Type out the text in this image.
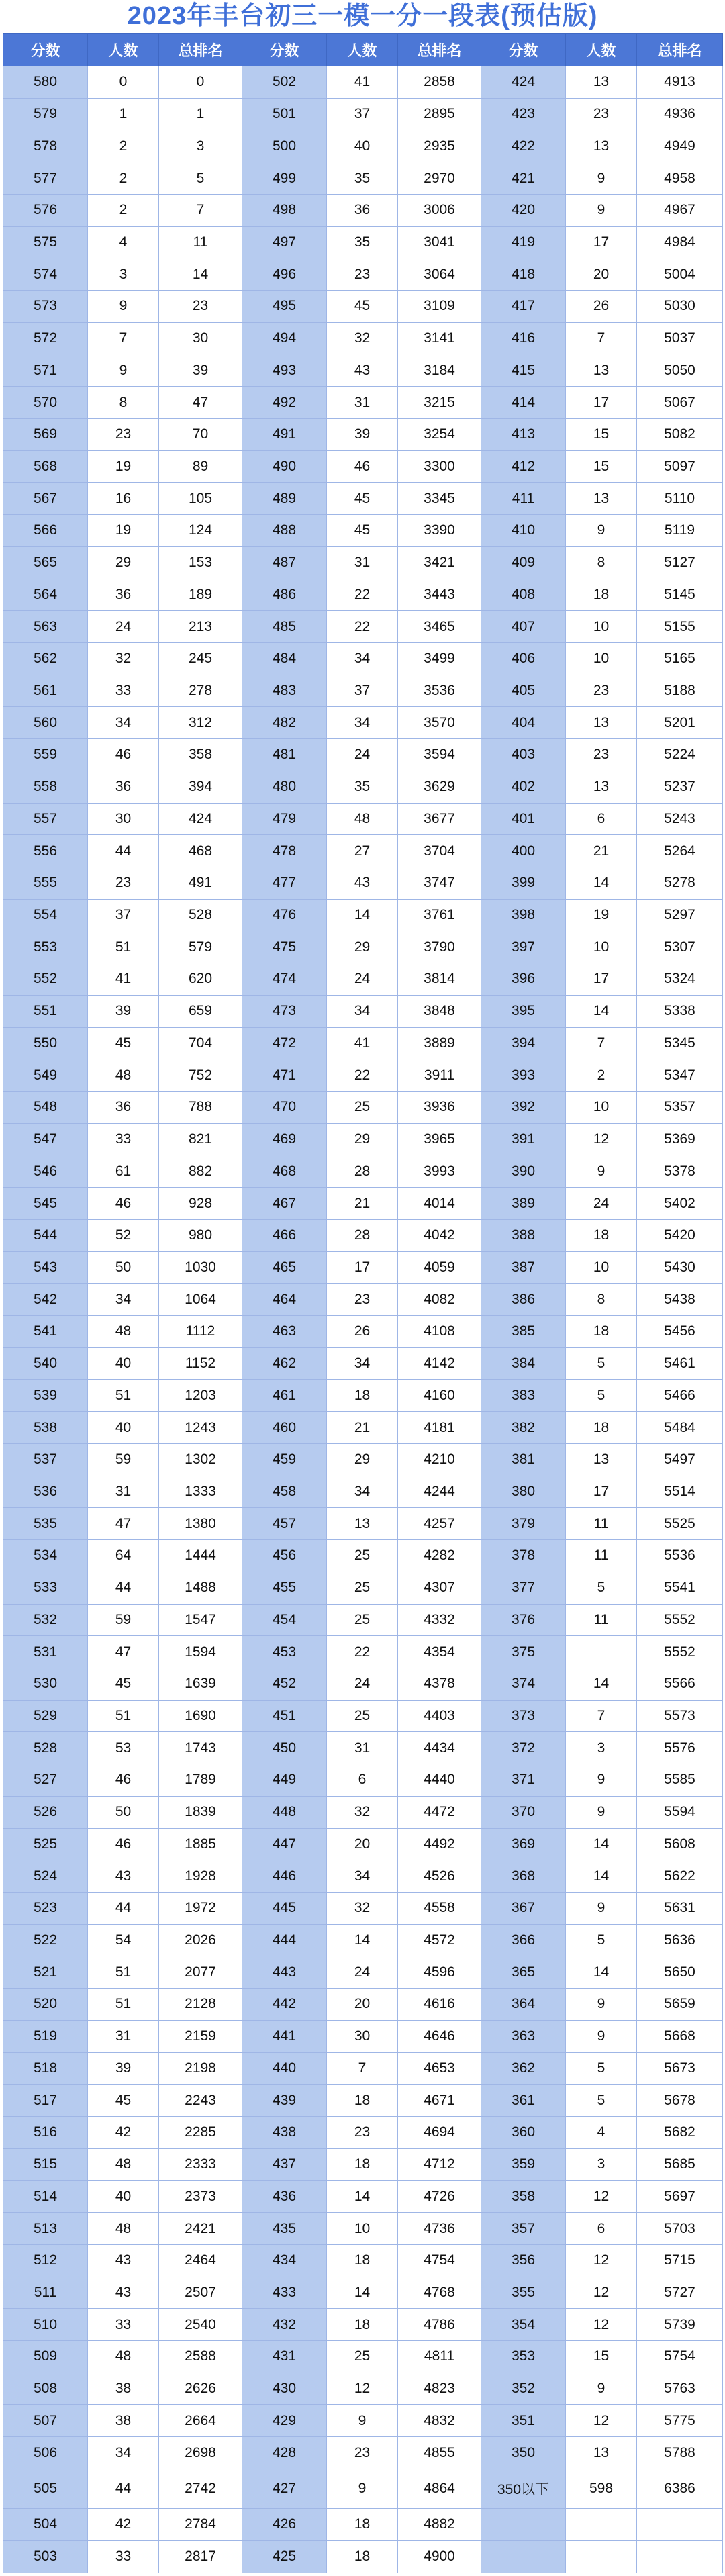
2023年丰台初三一模一分一段表(预估版)
分数	人数	总排名	分数	人数	总排名	分数	人数	总排名
580	0	0	502	41	2858	424	13	4913
579	1	1	501	37	2895	423	23	4936
578	2	3	500	40	2935	422	13	4949
577	2	5	499	35	2970	421	9	4958
576	2	7	498	36	3006	420	9	4967
575	4	11	497	35	3041	419	17	4984
574	3	14	496	23	3064	418	20	5004
573	9	23	495	45	3109	417	26	5030
572	7	30	494	32	3141	416	7	5037
571	9	39	493	43	3184	415	13	5050
570	8	47	492	31	3215	414	17	5067
569	23	70	491	39	3254	413	15	5082
568	19	89	490	46	3300	412	15	5097
567	16	105	489	45	3345	411	13	5110
566	19	124	488	45	3390	410	9	5119
565	29	153	487	31	3421	409	8	5127
564	36	189	486	22	3443	408	18	5145
563	24	213	485	22	3465	407	10	5155
562	32	245	484	34	3499	406	10	5165
561	33	278	483	37	3536	405	23	5188
560	34	312	482	34	3570	404	13	5201
559	46	358	481	24	3594	403	23	5224
558	36	394	480	35	3629	402	13	5237
557	30	424	479	48	3677	401	6	5243
556	44	468	478	27	3704	400	21	5264
555	23	491	477	43	3747	399	14	5278
554	37	528	476	14	3761	398	19	5297
553	51	579	475	29	3790	397	10	5307
552	41	620	474	24	3814	396	17	5324
551	39	659	473	34	3848	395	14	5338
550	45	704	472	41	3889	394	7	5345
549	48	752	471	22	3911	393	2	5347
548	36	788	470	25	3936	392	10	5357
547	33	821	469	29	3965	391	12	5369
546	61	882	468	28	3993	390	9	5378
545	46	928	467	21	4014	389	24	5402
544	52	980	466	28	4042	388	18	5420
543	50	1030	465	17	4059	387	10	5430
542	34	1064	464	23	4082	386	8	5438
541	48	1112	463	26	4108	385	18	5456
540	40	1152	462	34	4142	384	5	5461
539	51	1203	461	18	4160	383	5	5466
538	40	1243	460	21	4181	382	18	5484
537	59	1302	459	29	4210	381	13	5497
536	31	1333	458	34	4244	380	17	5514
535	47	1380	457	13	4257	379	11	5525
534	64	1444	456	25	4282	378	11	5536
533	44	1488	455	25	4307	377	5	5541
532	59	1547	454	25	4332	376	11	5552
531	47	1594	453	22	4354	375		5552
530	45	1639	452	24	4378	374	14	5566
529	51	1690	451	25	4403	373	7	5573
528	53	1743	450	31	4434	372	3	5576
527	46	1789	449	6	4440	371	9	5585
526	50	1839	448	32	4472	370	9	5594
525	46	1885	447	20	4492	369	14	5608
524	43	1928	446	34	4526	368	14	5622
523	44	1972	445	32	4558	367	9	5631
522	54	2026	444	14	4572	366	5	5636
521	51	2077	443	24	4596	365	14	5650
520	51	2128	442	20	4616	364	9	5659
519	31	2159	441	30	4646	363	9	5668
518	39	2198	440	7	4653	362	5	5673
517	45	2243	439	18	4671	361	5	5678
516	42	2285	438	23	4694	360	4	5682
515	48	2333	437	18	4712	359	3	5685
514	40	2373	436	14	4726	358	12	5697
513	48	2421	435	10	4736	357	6	5703
512	43	2464	434	18	4754	356	12	5715
511	43	2507	433	14	4768	355	12	5727
510	33	2540	432	18	4786	354	12	5739
509	48	2588	431	25	4811	353	15	5754
508	38	2626	430	12	4823	352	9	5763
507	38	2664	429	9	4832	351	12	5775
506	34	2698	428	23	4855	350	13	5788
505	44	2742	427	9	4864	350以下	598	6386
504	42	2784	426	18	4882			
503	33	2817	425	18	4900			
